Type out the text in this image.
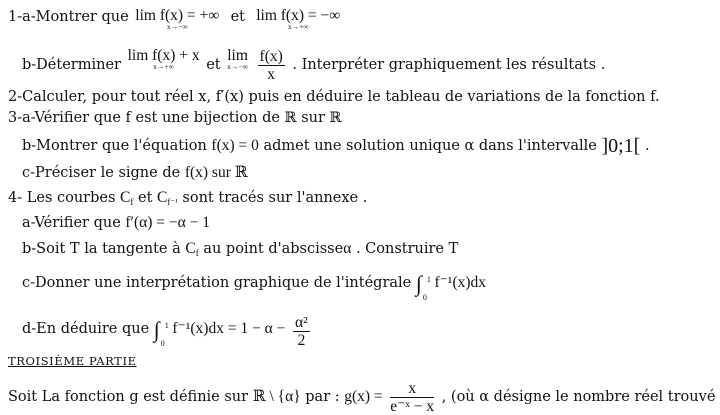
1-a-Montrer que lim f(x) = +∞
x→−∞
et lim f(x) = −∞
x→+∞
b-Déterminer
lim f(x) + x
x→+∞ et
lim
x→−∞
$\frac{f(x)}{x}$ . Interpréter graphiquement les résultats .
2-Calculer, pour tout réel x, f′(x) puis en déduire le tableau de variations de la fonction f.
3-a-Vérifier que f est une bijection de ℝ sur ℝ
b-Montrer que l'équation f(x) = 0 admet une solution unique α dans l'intervalle ]0;1[ .
c-Préciser le signe de f(x) sur ℝ
4- Les courbes $C_f$ et $C_{f^{-1}}$ sont tracés sur l'annexe .
a-Vérifier que f′(α) = −α − 1
b-Soit T la tangente à $C_f$ au point d'abscisseα . Construire T
c-Donner une interprétation graphique de l'intégrale ∫ 1
0
f⁻¹(x)dx
d-En déduire que ∫ 1
0
$f^{-1}(x)dx = 1 - \alpha - \frac{\text{α²}}{2}$
TROISIÈME PARTIE
Soit La fonction g est définie sur ℝ \ {α} par : $g(x) = \frac{x}{\text{e⁻ˣ − x}}$ , (où α désigne le nombre réel trouvé
